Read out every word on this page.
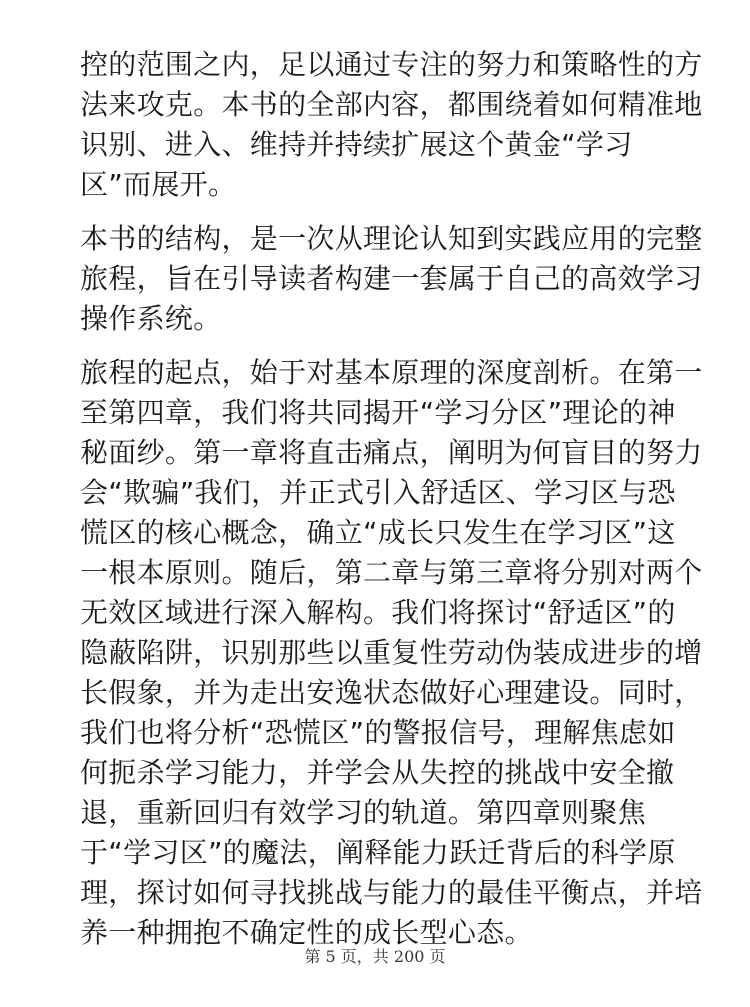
控的范围之内，足以通过专注的努力和策略性的方
法来攻克。本书的全部内容，都围绕着如何精准地
识别、进入、维持并持续扩展这个黄金“学习
区”而展开。

本书的结构，是一次从理论认知到实践应用的完整
旅程，旨在引导读者构建一套属于自己的高效学习
操作系统。

旅程的起点，始于对基本原理的深度剖析。在第一
至第四章，我们将共同揭开“学习分区”理论的神
秘面纱。第一章将直击痛点，阐明为何盲目的努力
会“欺骗”我们，并正式引入舒适区、学习区与恐
慌区的核心概念，确立“成长只发生在学习区”这
一根本原则。随后，第二章与第三章将分别对两个
无效区域进行深入解构。我们将探讨“舒适区”的
隐蔽陷阱，识别那些以重复性劳动伪装成进步的增
长假象，并为走出安逸状态做好心理建设。同时，
我们也将分析“恐慌区”的警报信号，理解焦虑如
何扼杀学习能力，并学会从失控的挑战中安全撤
退，重新回归有效学习的轨道。第四章则聚焦
于“学习区”的魔法，阐释能力跃迁背后的科学原
理，探讨如何寻找挑战与能力的最佳平衡点，并培
养一种拥抱不确定性的成长型心态。

第 5 页，共 200 页
